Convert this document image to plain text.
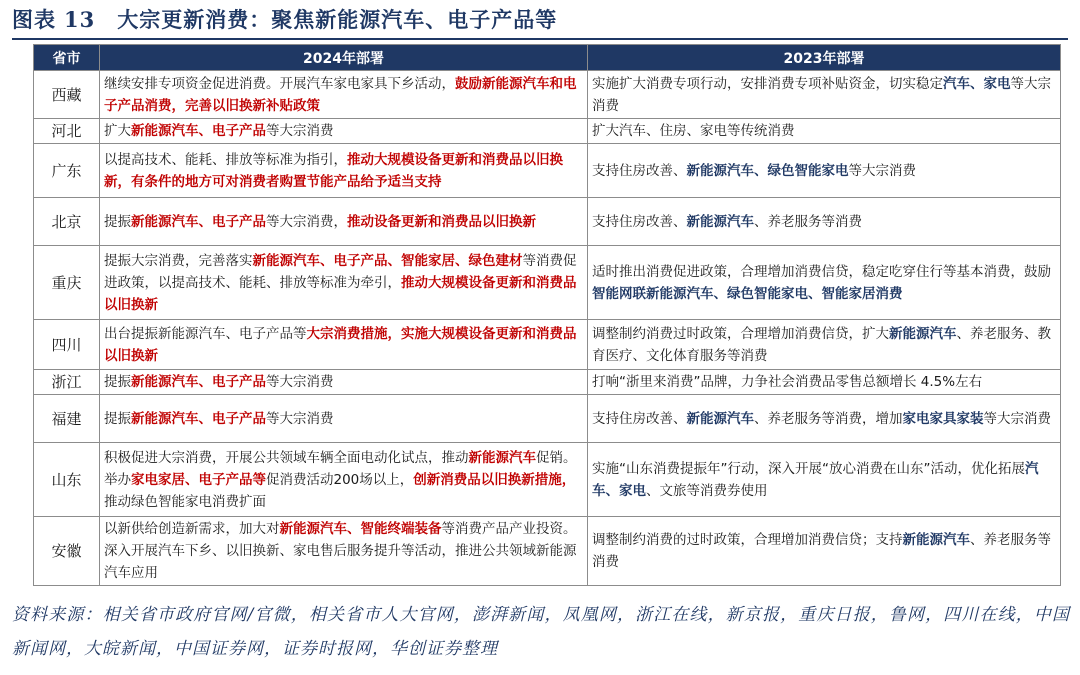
图表 13 大宗更新消费：聚焦新能源汽车、电子产品等
省市	2024年部署	2023年部署
西藏	继续安排专项资金促进消费。开展汽车家电家具下乡活动，鼓励新能源汽车和电子产品消费，完善以旧换新补贴政策	实施扩大消费专项行动，安排消费专项补贴资金，切实稳定汽车、家电等大宗消费
河北	扩大新能源汽车、电子产品等大宗消费	扩大汽车、住房、家电等传统消费
广东	以提高技术、能耗、排放等标准为指引，推动大规模设备更新和消费品以旧换新，有条件的地方可对消费者购置节能产品给予适当支持	支持住房改善、新能源汽车、绿色智能家电等大宗消费
北京	提振新能源汽车、电子产品等大宗消费，推动设备更新和消费品以旧换新	支持住房改善、新能源汽车、养老服务等消费
重庆	提振大宗消费，完善落实新能源汽车、电子产品、智能家居、绿色建材等消费促进政策，以提高技术、能耗、排放等标准为牵引，推动大规模设备更新和消费品以旧换新	适时推出消费促进政策，合理增加消费信贷，稳定吃穿住行等基本消费，鼓励智能网联新能源汽车、绿色智能家电、智能家居消费
四川	出台提振新能源汽车、电子产品等大宗消费措施，实施大规模设备更新和消费品以旧换新	调整制约消费过时政策，合理增加消费信贷，扩大新能源汽车、养老服务、教育医疗、文化体育服务等消费
浙江	提振新能源汽车、电子产品等大宗消费	打响“浙里来消费”品牌，力争社会消费品零售总额增长 4.5%左右
福建	提振新能源汽车、电子产品等大宗消费	支持住房改善、新能源汽车、养老服务等消费，增加家电家具家装等大宗消费
山东	积极促进大宗消费，开展公共领域车辆全面电动化试点，推动新能源汽车促销。举办家电家居、电子产品等促消费活动200场以上，创新消费品以旧换新措施，推动绿色智能家电消费扩面	实施“山东消费提振年”行动，深入开展“放心消费在山东”活动，优化拓展汽车、家电、文旅等消费券使用
安徽	以新供给创造新需求，加大对新能源汽车、智能终端装备等消费产品产业投资。深入开展汽车下乡、以旧换新、家电售后服务提升等活动，推进公共领域新能源汽车应用	调整制约消费的过时政策，合理增加消费信贷；支持新能源汽车、养老服务等消费
资料来源：相关省市政府官网/官微，相关省市人大官网，澎湃新闻，凤凰网，浙江在线，新京报，重庆日报，鲁网，四川在线，中国新闻网，大皖新闻，中国证券网，证券时报网，华创证券整理
